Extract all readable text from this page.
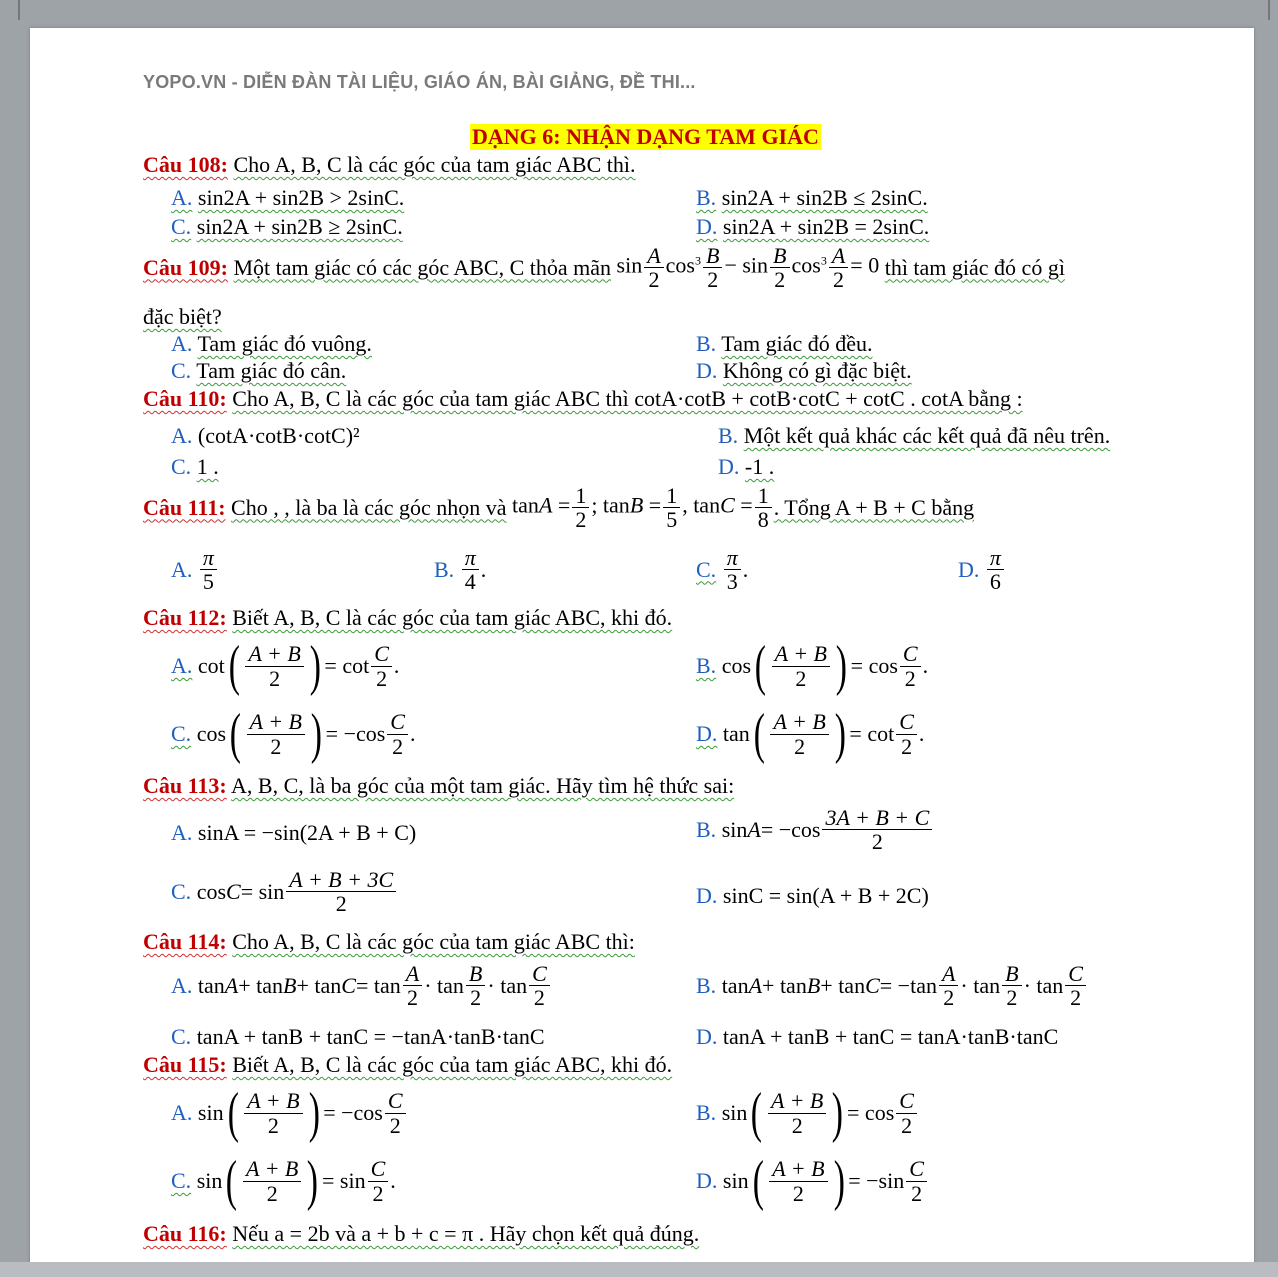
YOPO.VN - DIỄN ĐÀN TÀI LIỆU, GIÁO ÁN, BÀI GIẢNG, ĐỀ THI...
DẠNG 6: NHẬN DẠNG TAM GIÁC
Câu 108: Cho A, B, C là các góc của tam giác ABC thì.
A. sin2A + sin2B > 2sinC.	B. sin2A + sin2B ≤ 2sinC.
C. sin2A + sin2B ≥ 2sinC.	D. sin2A + sin2B = 2sinC.
Câu 109:
Một tam giác có các góc ABC, C thỏa mãn
$\sin \frac{A}{2} \cos^3 \frac{B}{2} - \sin \frac{B}{2} \cos^3 \frac{A}{2} = 0$
thì tam giác đó có gì
đặc biệt?
A. Tam giác đó vuông.	B. Tam giác đó đều.
C. Tam giác đó cân.	D. Không có gì đặc biệt.
Câu 110: Cho A, B, C là các góc của tam giác ABC thì cotA·cotB + cotB·cotC + cotC . cotA bằng :
A. (cotA·cotB·cotC)²	B. Một kết quả khác các kết quả đã nêu trên.
C. 1 .	D. -1 .
Câu 111:
Cho , , là ba là các góc nhọn và
$\tan A = \frac{1}{2}$ ; $\tan B = \frac{1}{5}$ , $\tan C = \frac{1}{8}$ . Tổng A + B + C bằng
A.
π
5	B.
π
4 .	C.
π
3 .	D.
π
6
Câu 112: Biết A, B, C là các góc của tam giác ABC, khi đó.
A. cot ( A + B
2 ) = cot C
2 .	B. cos ( A + B
2 ) = cos C
2 .
C. cos ( A + B
2 ) = −cos C
2 .	D. tan ( A + B
2 ) = cot C
2 .
Câu 113: A, B, C, là ba góc của một tam giác. Hãy tìm hệ thức sai:
A. sinA = −sin(2A + B + C)	B. sin A = −cos 3A + B + C
2
C. cos C = sin A + B + 3C
2	D. sinC = sin(A + B + 2C)
Câu 114: Cho A, B, C là các góc của tam giác ABC thì:
A. tan A + tan B + tan C = tan A
2 · tan B
2 · tan C
2	B. tan A + tan B + tan C = −tan A
2 · tan B
2 · tan C
2
C. tanA + tanB + tanC = −tanA·tanB·tanC	D. tanA + tanB + tanC = tanA·tanB·tanC
Câu 115: Biết A, B, C là các góc của tam giác ABC, khi đó.
A. sin ( A + B
2 ) = −cos C
2	B. sin ( A + B
2 ) = cos C
2
C. sin ( A + B
2 ) = sin C
2 .	D. sin ( A + B
2 ) = −sin C
2
Câu 116: Nếu a = 2b và a + b + c = π . Hãy chọn kết quả đúng.
